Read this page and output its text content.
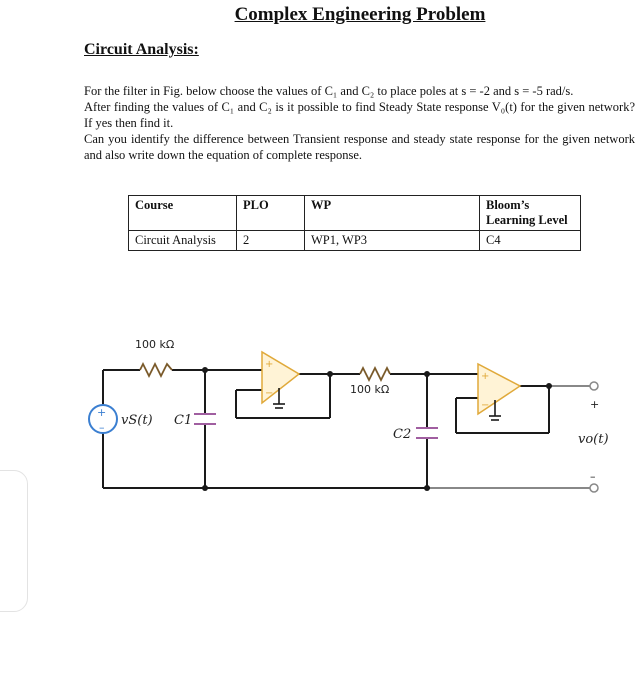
Complex Engineering Problem
Circuit Analysis:

For the filter in Fig. below choose the values of C₁ and C₂ to place poles at s = -2 and s = -5 rad/s.

After finding the values of C₁ and C₂ is it possible to find Steady State response V₀(t) for the given network? If yes then find it.

Can you identify the difference between Transient response and steady state response for the given network and also write down the equation of complete response.

Course	PLO	WP	Bloom’s Learning Level
Circuit Analysis	2	WP1, WP3	C4
100 kΩ
100 kΩ
C1
C2
+
– vS(t)
+
−
+
−	+
vo(t)
–
